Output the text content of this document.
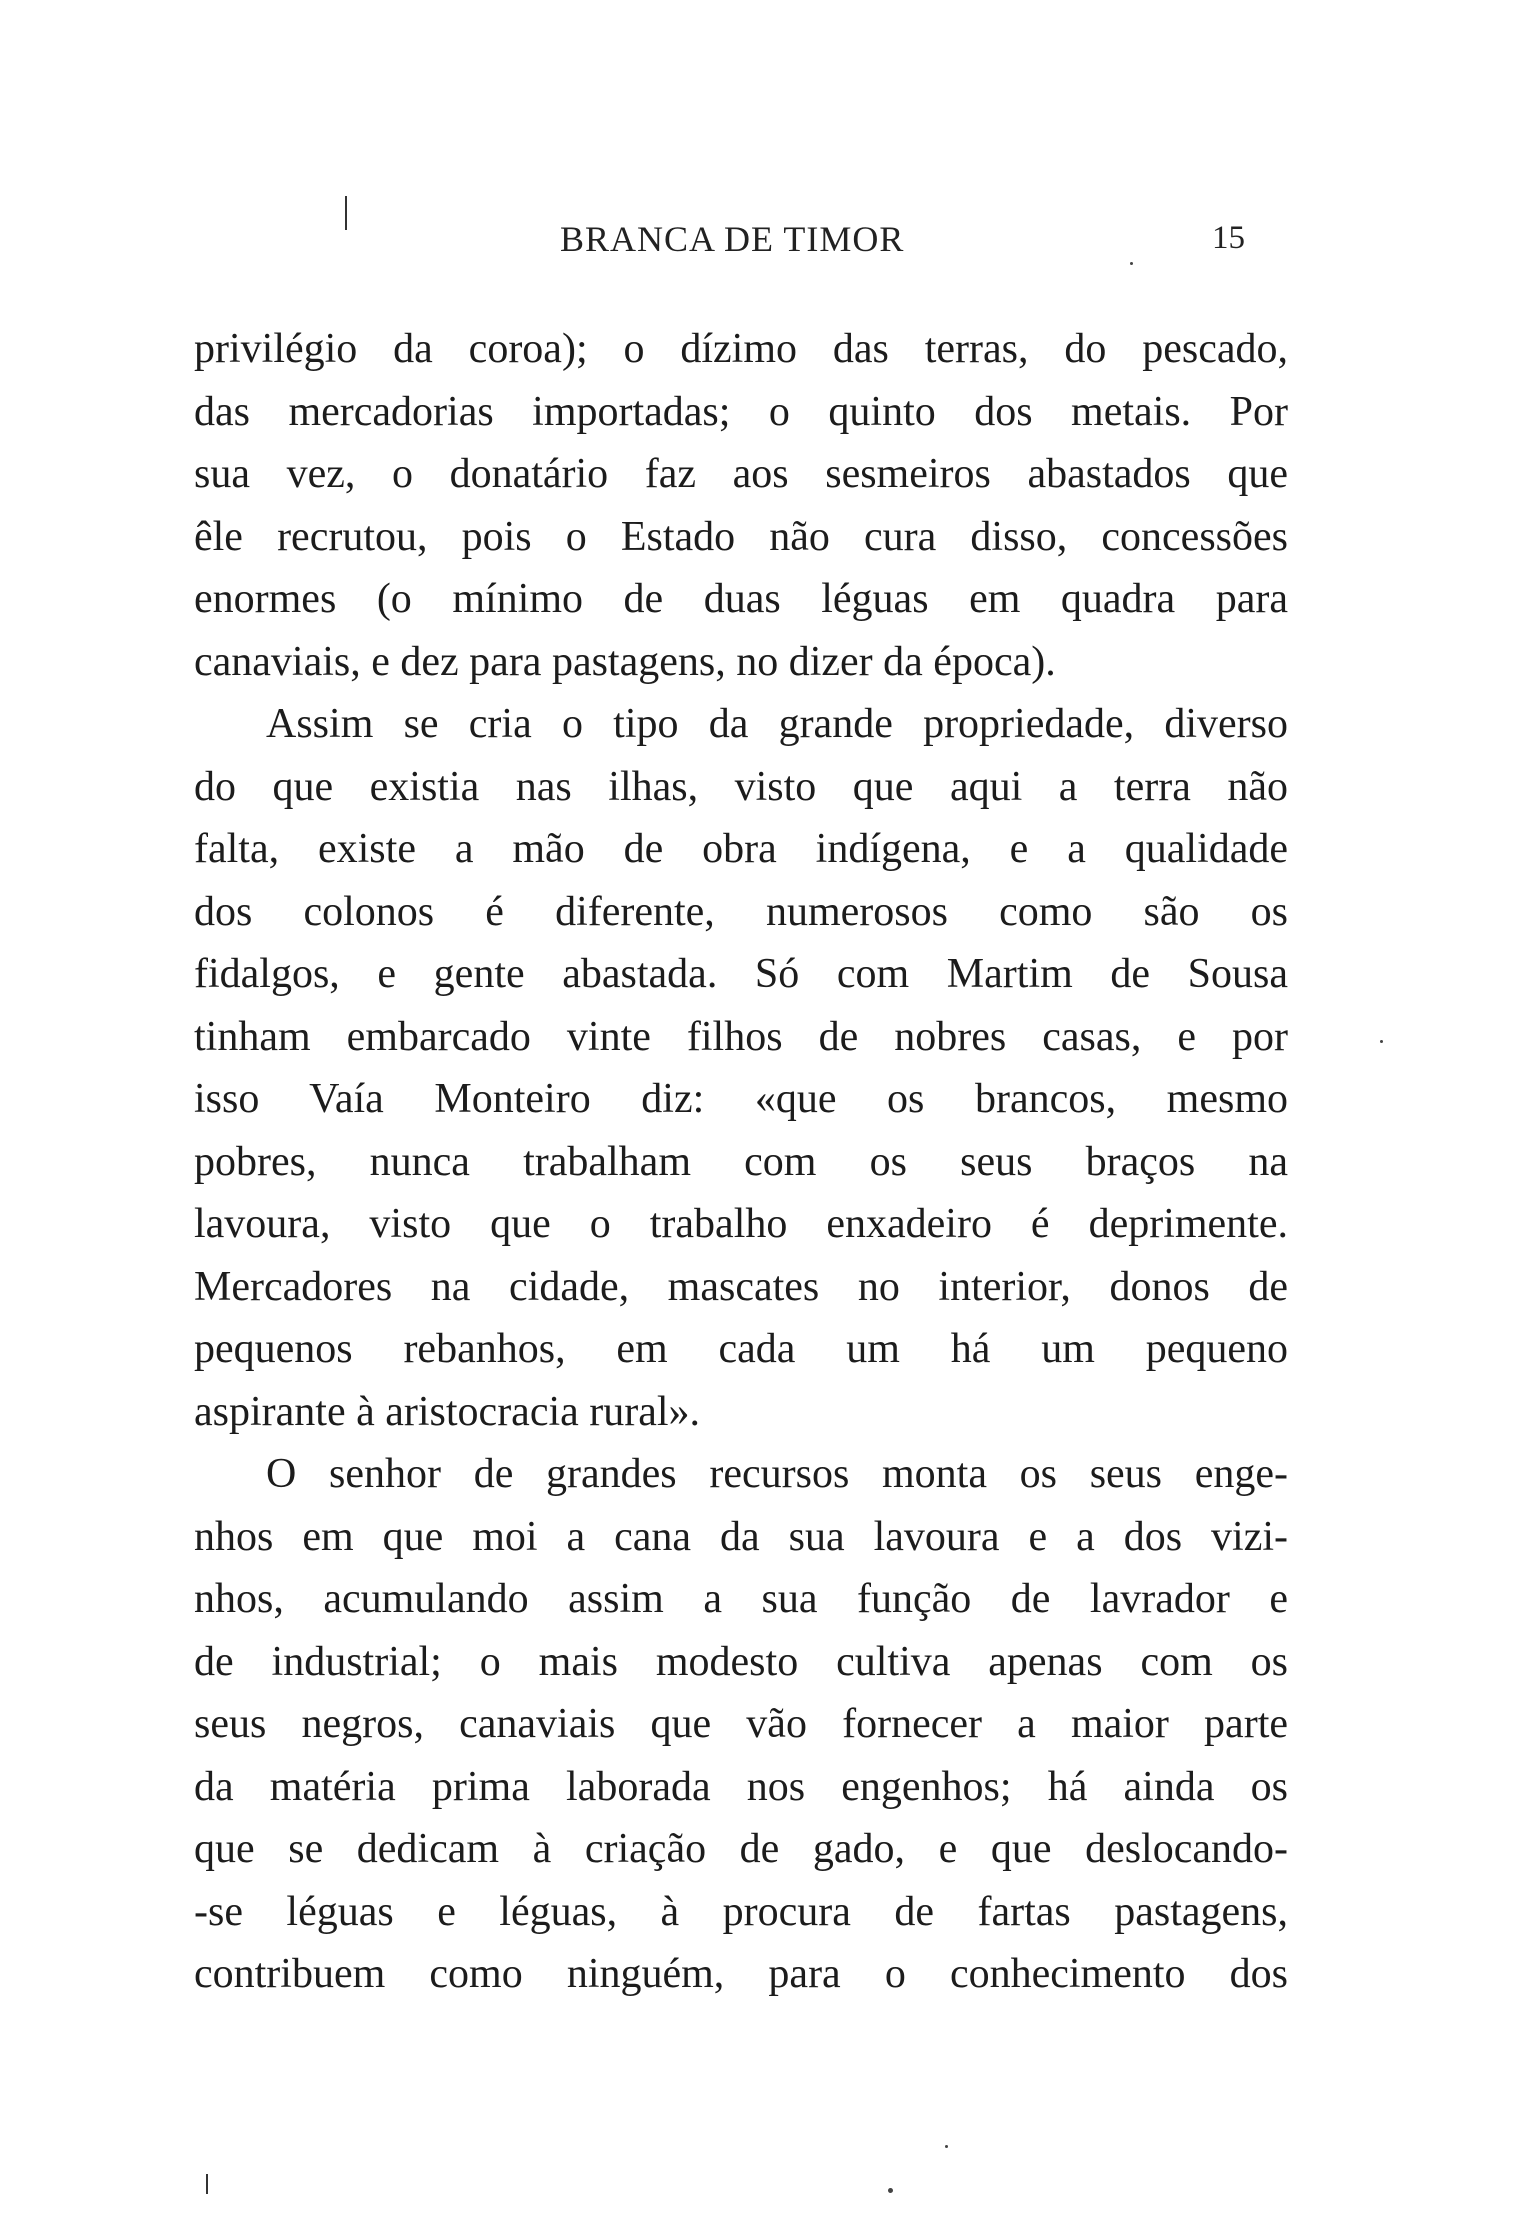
BRANCA DE TIMOR	15
privilégio da coroa); o dízimo das terras, do pescado,
das mercadorias importadas; o quinto dos metais. Por
sua vez, o donatário faz aos sesmeiros abastados que
êle recrutou, pois o Estado não cura disso, concessões
enormes (o mínimo de duas léguas em quadra para
canaviais, e dez para pastagens, no dizer da época).
Assim se cria o tipo da grande propriedade, diverso
do que existia nas ilhas, visto que aqui a terra não
falta, existe a mão de obra indígena, e a qualidade
dos colonos é diferente, numerosos como são os
fidalgos, e gente abastada. Só com Martim de Sousa
tinham embarcado vinte filhos de nobres casas, e por
isso Vaía Monteiro diz: «que os brancos, mesmo
pobres, nunca trabalham com os seus braços na
lavoura, visto que o trabalho enxadeiro é deprimente.
Mercadores na cidade, mascates no interior, donos de
pequenos rebanhos, em cada um há um pequeno
aspirante à aristocracia rural».
O senhor de grandes recursos monta os seus enge-
nhos em que moi a cana da sua lavoura e a dos vizi-
nhos, acumulando assim a sua função de lavrador e
de industrial; o mais modesto cultiva apenas com os
seus negros, canaviais que vão fornecer a maior parte
da matéria prima laborada nos engenhos; há ainda os
que se dedicam à criação de gado, e que deslocando-
-se léguas e léguas, à procura de fartas pastagens,
contribuem como ninguém, para o conhecimento dos
